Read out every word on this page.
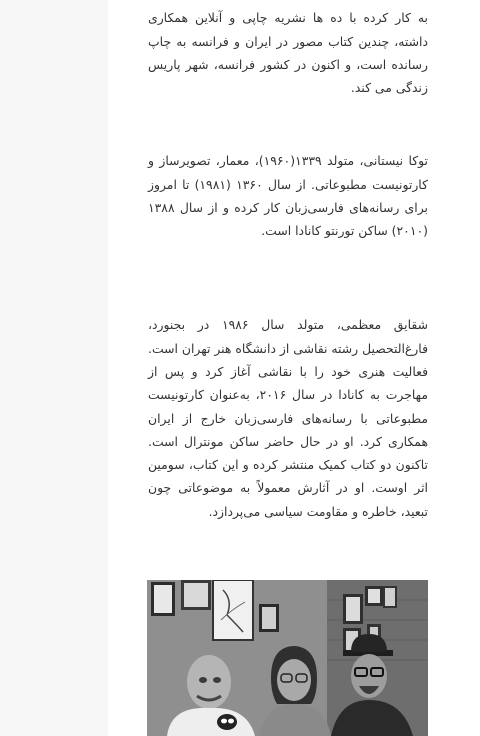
به کار کرده با ده ها نشریه چاپی و آنلاین همکاری داشته، چندین کتاب مصور در ایران و فرانسه به چاپ رسانده است، و اکنون در کشور فرانسه، شهر پاریس زندگی می کند.

توکا نیستانی، متولد ۱۳۳۹(۱۹۶۰)، معمار، تصویرساز و کارتونیست مطبوعاتی. از سال ۱۳۶۰ (۱۹۸۱) تا امروز برای رسانه‌های فارسی‌زبان کار کرده و از سال ۱۳۸۸ (۲۰۱۰) ساکن تورنتو کانادا است.

شقایق معظمی، متولد سال ۱۹۸۶ در بجنورد، فارغ‌التحصیل رشته نقاشی از دانشگاه هنر تهران است. فعالیت هنری خود را با نقاشی آغاز کرد و پس از مهاجرت به کانادا در سال ۲۰۱۶، به‌عنوان کارتونیست مطبوعاتی با رسانه‌های فارسی‌زبان خارج از ایران همکاری کرد. او در حال حاضر ساکن مونترال است. تاکنون دو کتاب کمیک منتشر کرده و این کتاب، سومین اثر اوست. او در آثارش معمولاً به موضوعاتی چون تبعید، خاطره و مقاومت سیاسی می‌پردازد.
